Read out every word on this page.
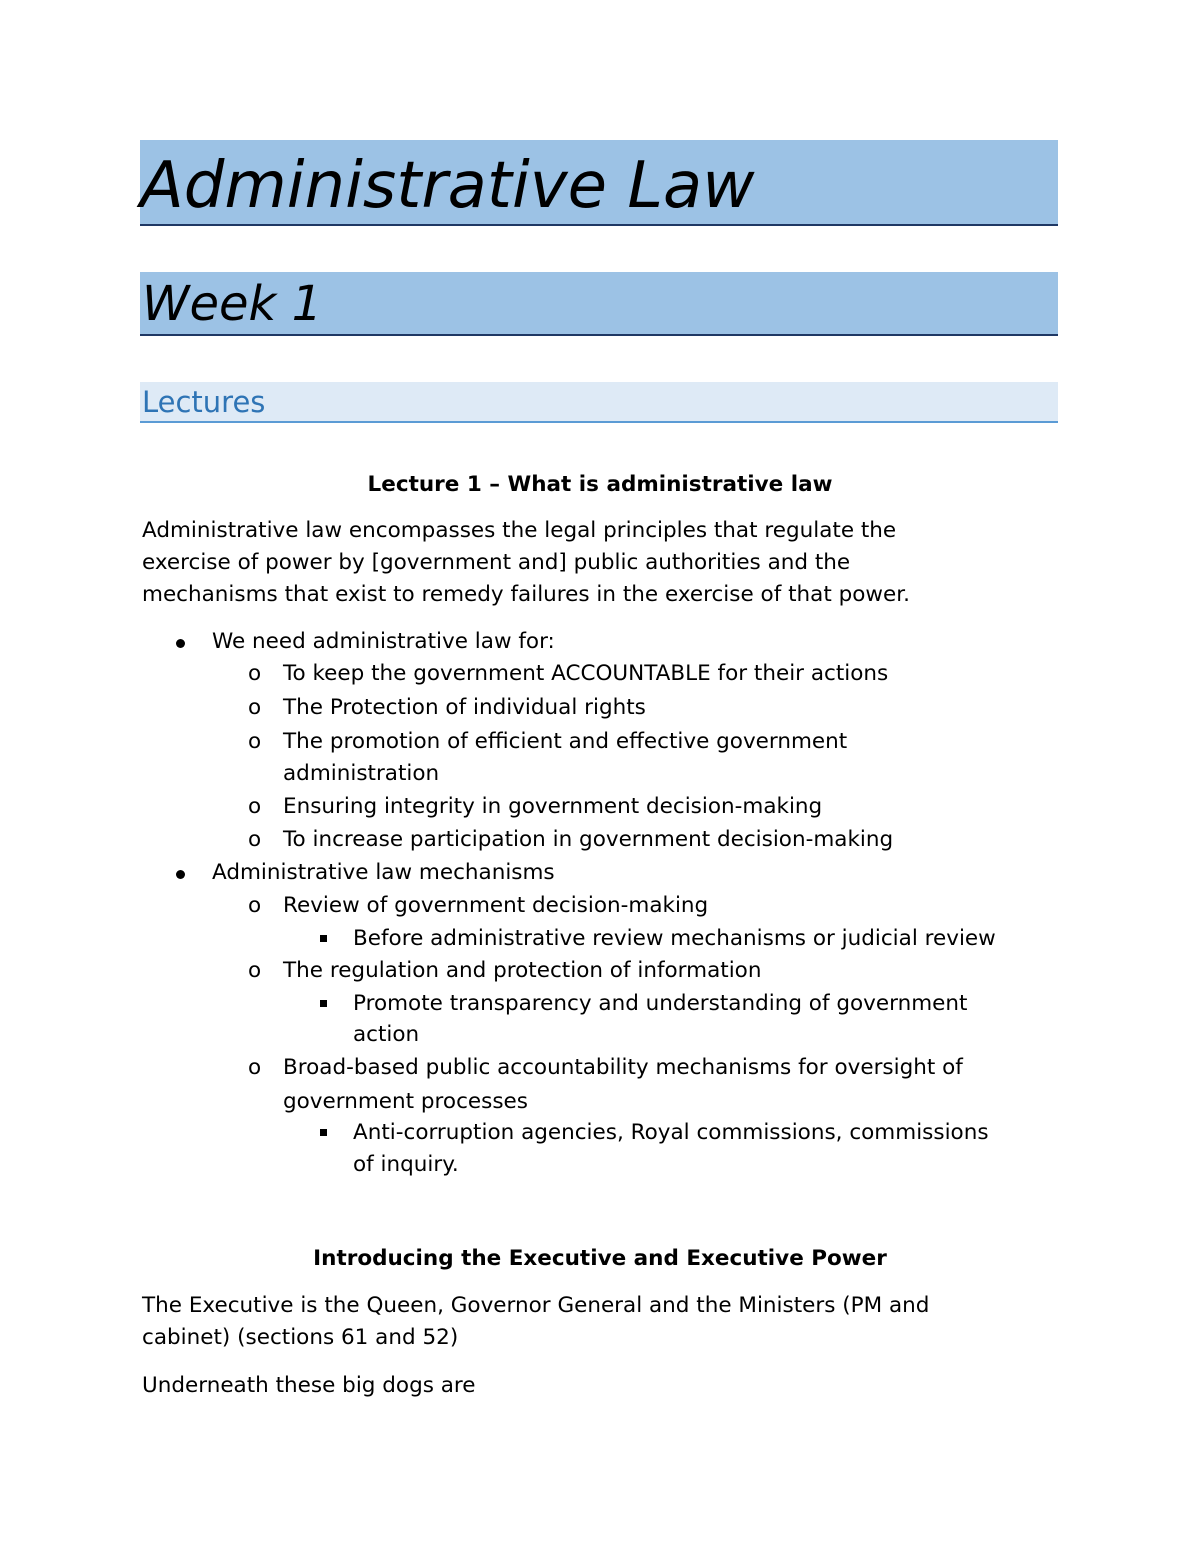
Administrative Law
Week 1
Lectures
Lecture 1 – What is administrative law
Administrative law encompasses the legal principles that regulate the
exercise of power by [government and] public authorities and the
mechanisms that exist to remedy failures in the exercise of that power.
We need administrative law for:
o To keep the government ACCOUNTABLE for their actions
o The Protection of individual rights
o The promotion of efficient and effective government
administration
o Ensuring integrity in government decision-making
o To increase participation in government decision-making
Administrative law mechanisms
o Review of government decision-making
Before administrative review mechanisms or judicial review
o The regulation and protection of information
Promote transparency and understanding of government
action
o Broad-based public accountability mechanisms for oversight of
government processes
Anti-corruption agencies, Royal commissions, commissions
of inquiry.
Introducing the Executive and Executive Power
The Executive is the Queen, Governor General and the Ministers (PM and
cabinet) (sections 61 and 52)
Underneath these big dogs are
